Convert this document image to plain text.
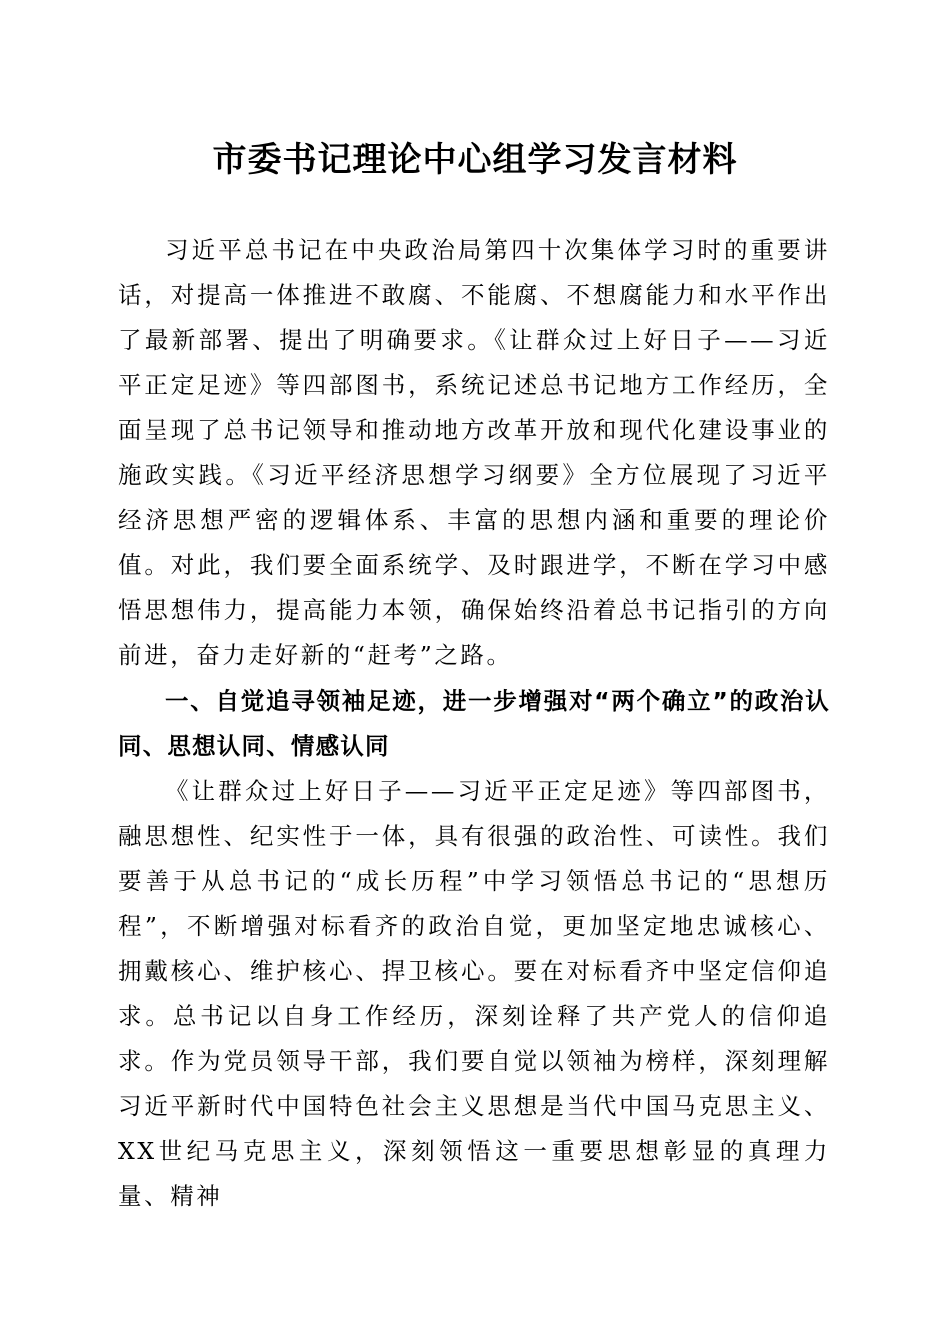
市委书记理论中心组学习发言材料

习近平总书记在中央政治局第四十次集体学习时的重要讲话，对提高一体推进不敢腐、不能腐、不想腐能力和水平作出了最新部署、提出了明确要求。《让群众过上好日子——习近平正定足迹》等四部图书，系统记述总书记地方工作经历，全面呈现了总书记领导和推动地方改革开放和现代化建设事业的施政实践。《习近平经济思想学习纲要》全方位展现了习近平经济思想严密的逻辑体系、丰富的思想内涵和重要的理论价值。对此，我们要全面系统学、及时跟进学，不断在学习中感悟思想伟力，提高能力本领，确保始终沿着总书记指引的方向前进，奋力走好新的“赶考”之路。

一、自觉追寻领袖足迹，进一步增强对“两个确立”的政治认同、思想认同、情感认同

《让群众过上好日子——习近平正定足迹》等四部图书，融思想性、纪实性于一体，具有很强的政治性、可读性。我们要善于从总书记的“成长历程”中学习领悟总书记的“思想历程”，不断增强对标看齐的政治自觉，更加坚定地忠诚核心、拥戴核心、维护核心、捍卫核心。要在对标看齐中坚定信仰追求。总书记以自身工作经历，深刻诠释了共产党人的信仰追求。作为党员领导干部，我们要自觉以领袖为榜样，深刻理解习近平新时代中国特色社会主义思想是当代中国马克思主义、XX世纪马克思主义，深刻领悟这一重要思想彰显的真理力量、精神
